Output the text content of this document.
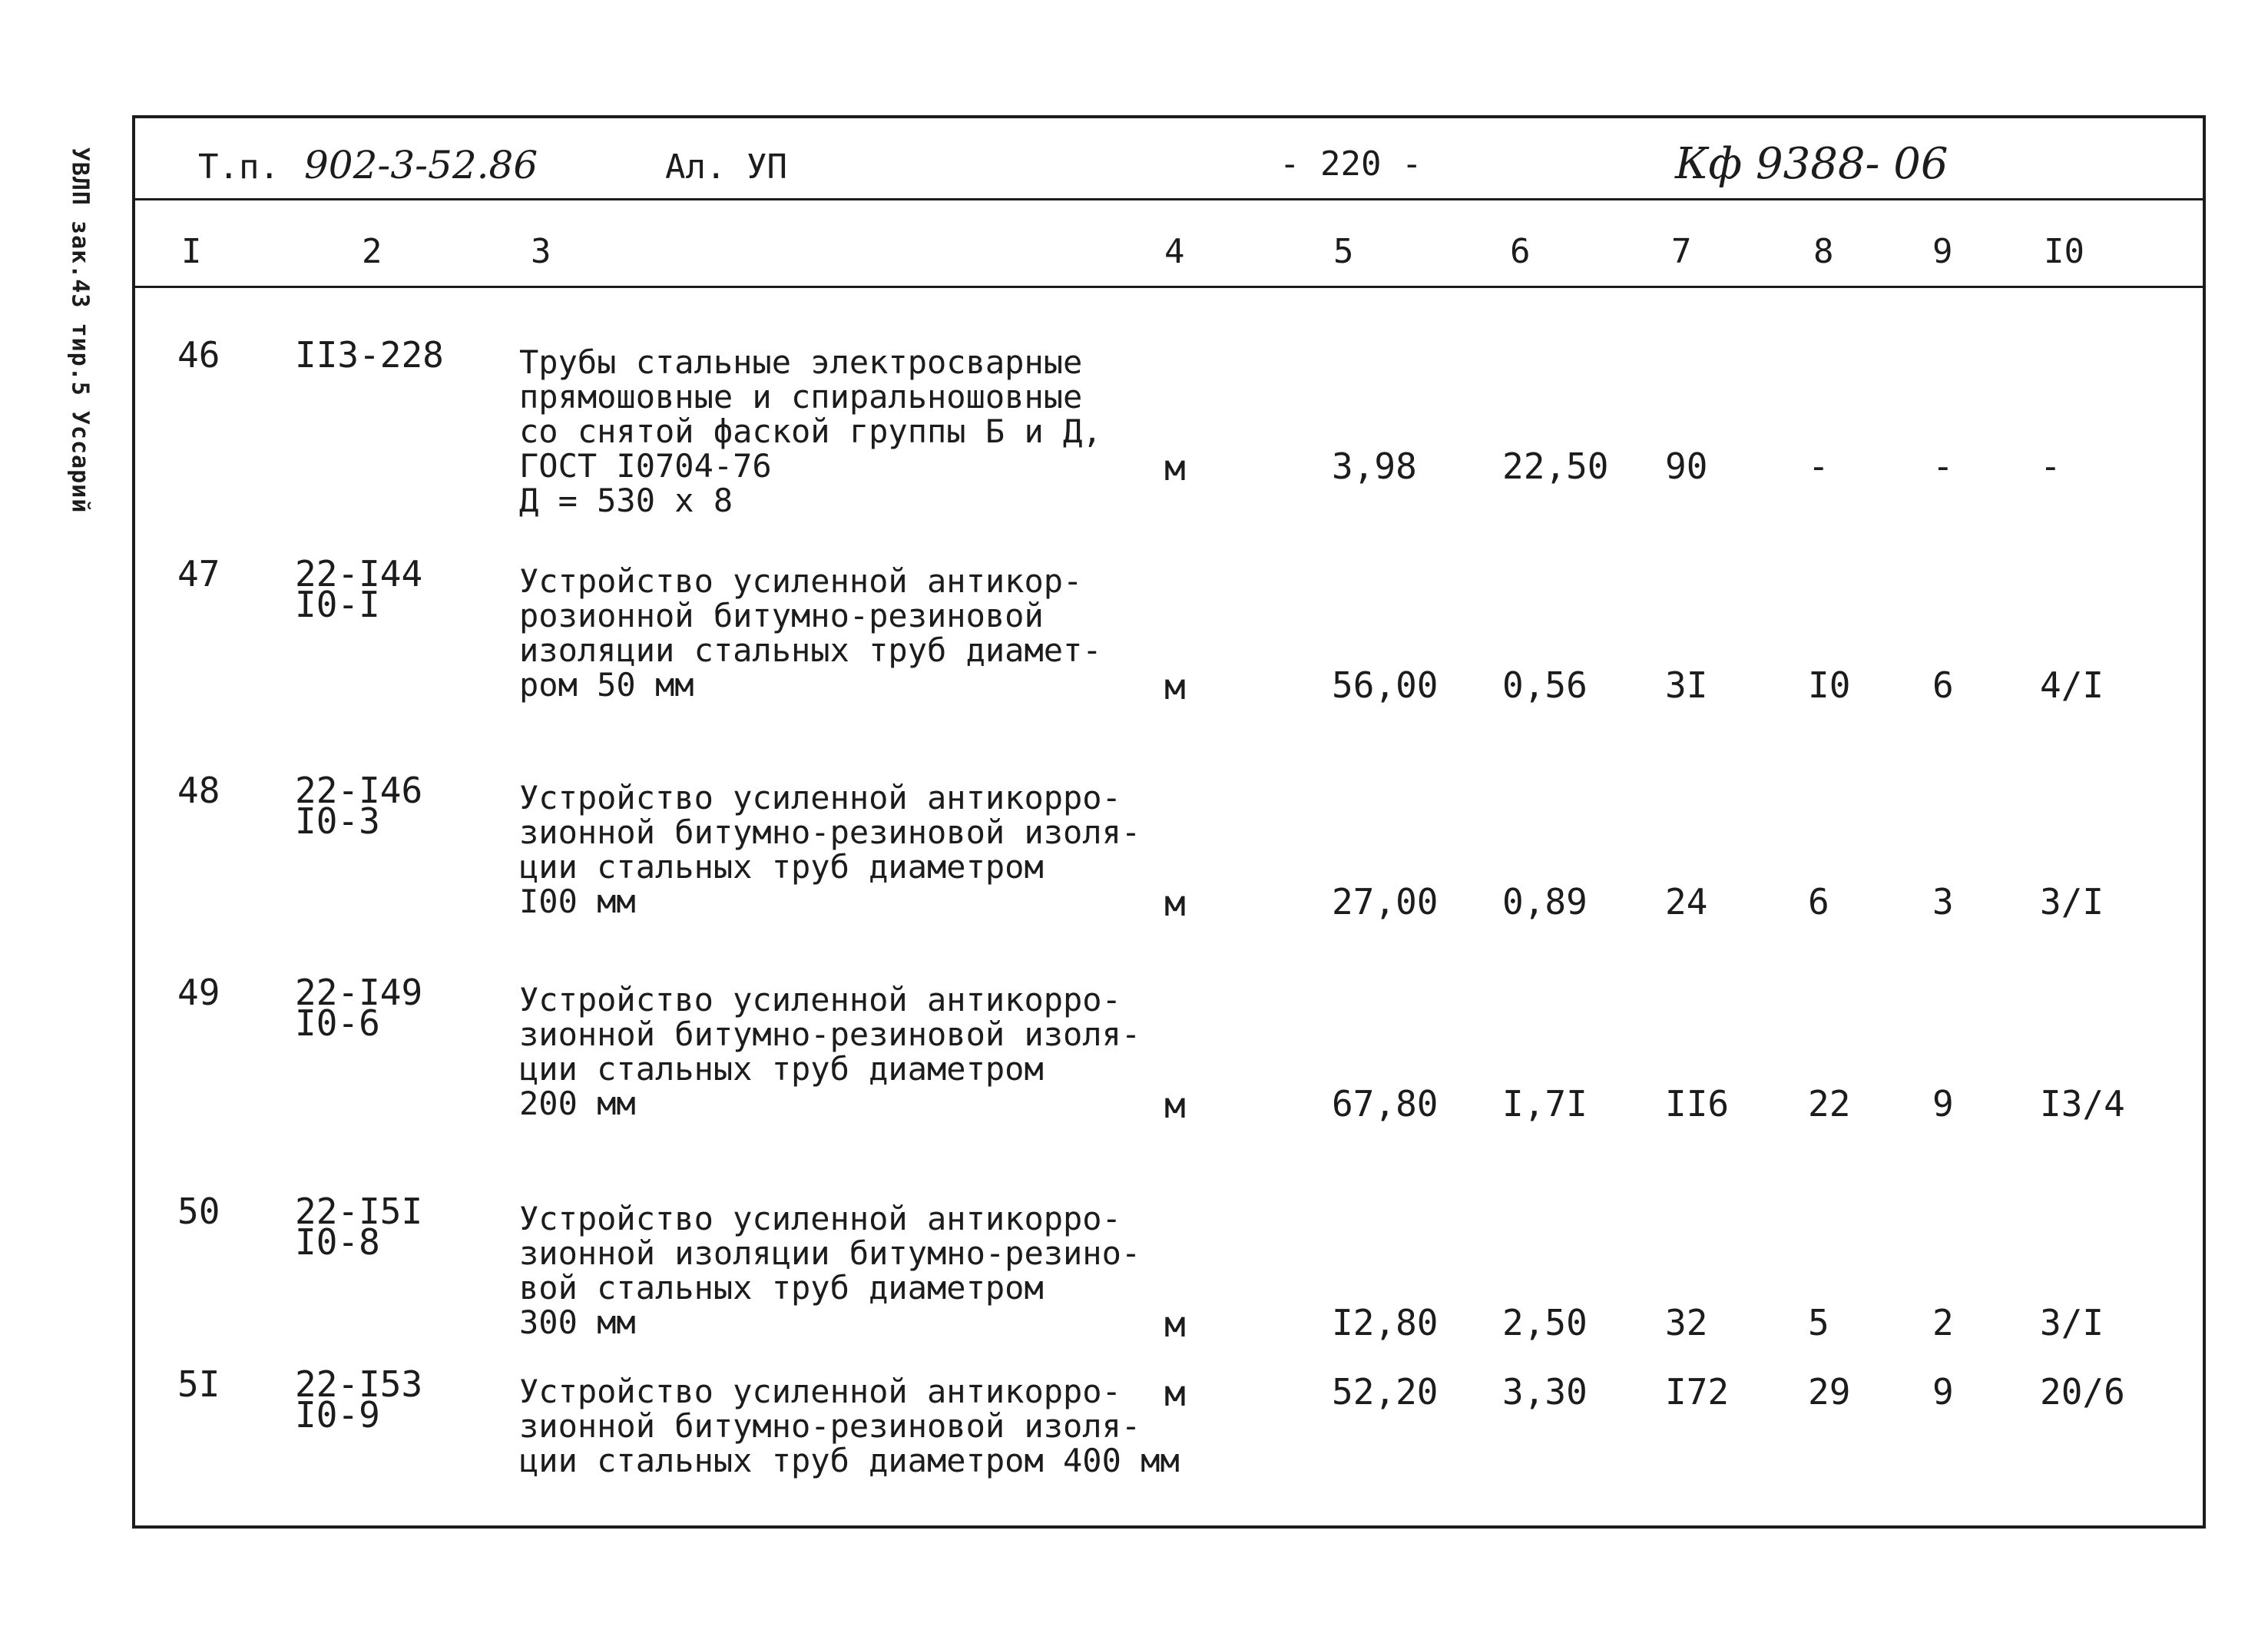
УВЛП зак.43 тир.5 Уссарий	Т.п. 902-3-52.86	Ал. УП	- 220 -	Кф 9388- 06
I	2	3	4	5	6	7	8	9	I0
46 II3-228 Трубы стальные электросварные
прямошовные и спиральношовные
со снятой фаской группы Б и Д,
ГОСТ I0704-76
Д = 530 х 8
м	3,98 22,50 90	-	- -
47 22-I44
I0-I
Устройство усиленной антикор-
розионной битумно-резиновой
изоляции стальных труб диамет-
ром 50 мм	м	56,00 0,56 3I	I0 6 4/I
48 22-I46
I0-3
Устройство усиленной антикорро-
зионной битумно-резиновой изоля-
ции стальных труб диаметром
I00 мм	м	27,00 0,89 24	6	3 3/I
49 22-I49
I0-6
Устройство усиленной антикорро-
зионной битумно-резиновой изоля-
ции стальных труб диаметром
200 мм	м	67,80 I,7I II6 22 9 I3/4
50 22-I5I
I0-8
Устройство усиленной антикорро-
зионной изоляции битумно-резино-
вой стальных труб диаметром
300 мм	м	I2,80 2,50 32	5	2 3/I
5I 22-I53
I0-9
Устройство усиленной антикорро-
зионной битумно-резиновой изоля-
ции стальных труб диаметром 400 мм
м	52,20 3,30 I72 29 9 20/6
